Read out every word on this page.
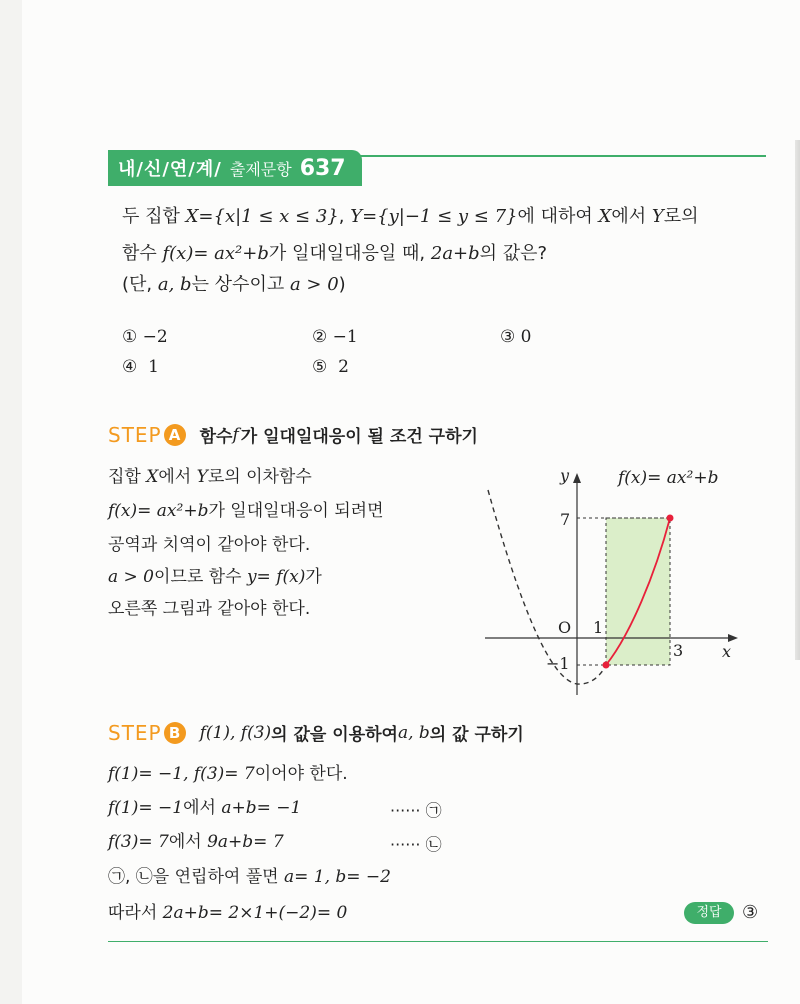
내/신/연/계/ 출제문항 637
두 집합 X={x|1 ≤ x ≤ 3}, Y={y|−1 ≤ y ≤ 7}에 대하여 X에서 Y로의
함수 f(x)= ax²+b가 일대일대응일 때, 2a+b의 값은?
(단, a, b는 상수이고 a > 0)
① −2	② −1	③ 0
④ 1	⑤ 2
STEP A	함수 f 가 일대일대응이 될 조건 구하기
집합 X에서 Y로의 이차함수
f(x)= ax²+b가 일대일대응이 되려면
공역과 치역이 같아야 한다.
a > 0이므로 함수 y= f(x)가
오른쪽 그림과 같아야 한다.
f(x)= ax²+b
y
x
O
7
1
3
−1
STEP B	f(1), f(3) 의 값을 이용하여 a, b 의 값 구하기
f(1)= −1, f(3)= 7이어야 한다.
f(1)= −1에서 a+b= −1	······ ㉠
f(3)= 7에서 9a+b= 7	······ ㉡
㉠, ㉡을 연립하여 풀면 a= 1, b= −2
따라서 2a+b= 2×1+(−2)= 0	정답	③
